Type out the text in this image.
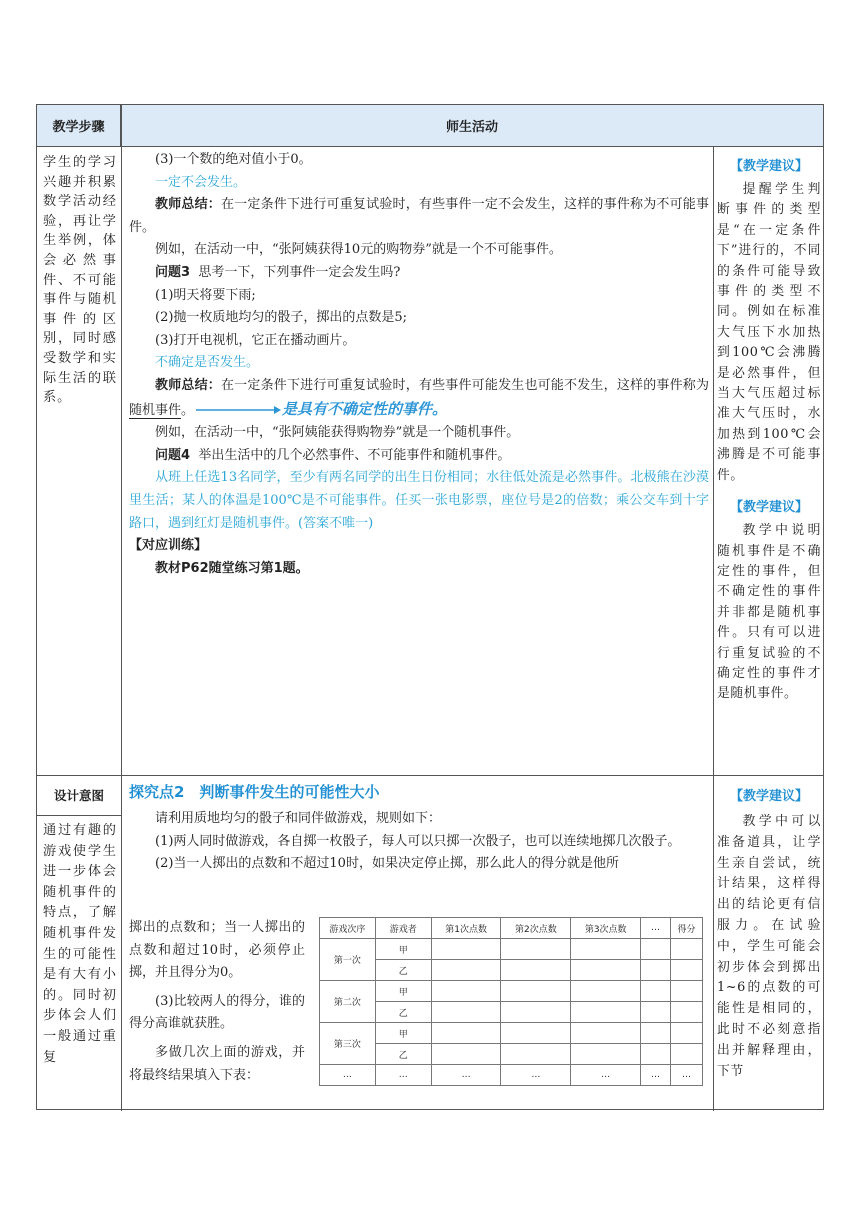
教学步骤	师生活动
学生的学习兴趣并积累数学活动经验，再让学生举例，体会必然事件、不可能事件与随机事件的区别，同时感受数学和实际生活的联系。

(3)一个数的绝对值小于0。

一定不会发生。

教师总结：在一定条件下进行可重复试验时，有些事件一定不会发生，这样的事件称为不可能事件。

例如，在活动一中，“张阿姨获得10元的购物券”就是一个不可能事件。

问题3 思考一下，下列事件一定会发生吗?

(1)明天将要下雨;

(2)抛一枚质地均匀的骰子，掷出的点数是5;

(3)打开电视机，它正在播动画片。

不确定是否发生。

教师总结：在一定条件下进行可重复试验时，有些事件可能发生也可能不发生，这样的事件称为随机事件。	是具有不确定性的事件。

例如，在活动一中，“张阿姨能获得购物券”就是一个随机事件。

问题4 举出生活中的几个必然事件、不可能事件和随机事件。

从班上任选13名同学，至少有两名同学的出生日份相同；水往低处流是必然事件。北极熊在沙漠里生活；某人的体温是100℃是不可能事件。任买一张电影票，座位号是2的倍数；乘公交车到十字路口，遇到红灯是随机事件。(答案不唯一)

【对应训练】

教材P62随堂练习第1题。

【教学建议】
提醒学生判断事件的类型是“在一定条件下”进行的，不同的条件可能导致事件的类型不同。例如在标准大气压下水加热到100℃会沸腾是必然事件，但当大气压超过标准大气压时，水加热到100℃会沸腾是不可能事件。
【教学建议】
教学中说明随机事件是不确定性的事件，但不确定性的事件并非都是随机事件。只有可以进行重复试验的不确定性的事件才是随机事件。
设计意图
通过有趣的游戏使学生进一步体会随机事件的特点，了解随机事件发生的可能性是有大有小的。同时初步体会人们一般通过重复
探究点2　判断事件发生的可能性大小

请利用质地均匀的骰子和同伴做游戏，规则如下：

(1)两人同时做游戏，各自掷一枚骰子，每人可以只掷一次骰子，也可以连续地掷几次骰子。

(2)当一人掷出的点数和不超过10时，如果决定停止掷，那么此人的得分就是他所

掷出的点数和；当一人掷出的点数和超过10时，必须停止掷，并且得分为0。

(3)比较两人的得分，谁的得分高谁就获胜。

多做几次上面的游戏，并将最终结果填入下表：

游戏次序	游戏者	第1次点数	第2次点数	第3次点数	…	得分
第一次	甲					
	乙					
第二次	甲					
	乙					
第三次	甲					
	乙					
…	…	…	…	…	…	…
【教学建议】
教学中可以准备道具，让学生亲自尝试，统计结果，这样得出的结论更有信服力。在试验中，学生可能会初步体会到掷出1~6的点数的可能性是相同的，此时不必刻意指出并解释理由，下节
